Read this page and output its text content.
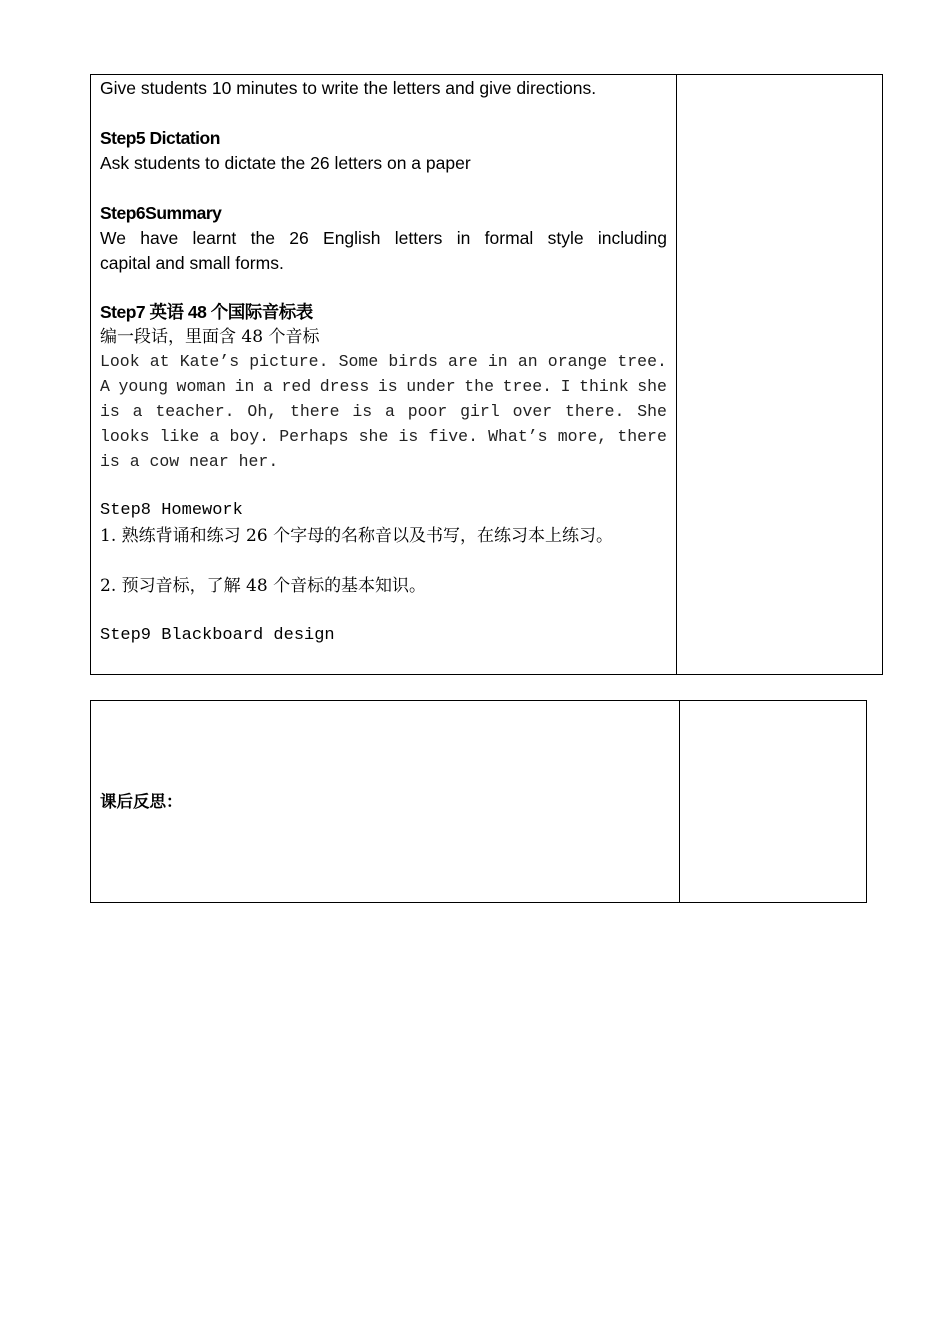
Give students 10 minutes to write the letters and give directions.
Step5 Dictation
Ask students to dictate the 26 letters on a paper
Step6Summary
We have learnt the 26 English letters in formal style including
capital and small forms.
Step7 英语 48 个国际音标表
编一段话，里面含 48 个音标
Look at Kate’s picture. Some birds are in an orange tree.
A young woman in a red dress is under the tree. I think she
is a teacher. Oh, there is a poor girl over there. She
looks like a boy. Perhaps she is five. What’s more, there
is a cow near her.
Step8 Homework
1. 熟练背诵和练习 26 个字母的名称音以及书写，在练习本上练习。
2. 预习音标，了解 48 个音标的基本知识。
Step9 Blackboard design
课后反思：
